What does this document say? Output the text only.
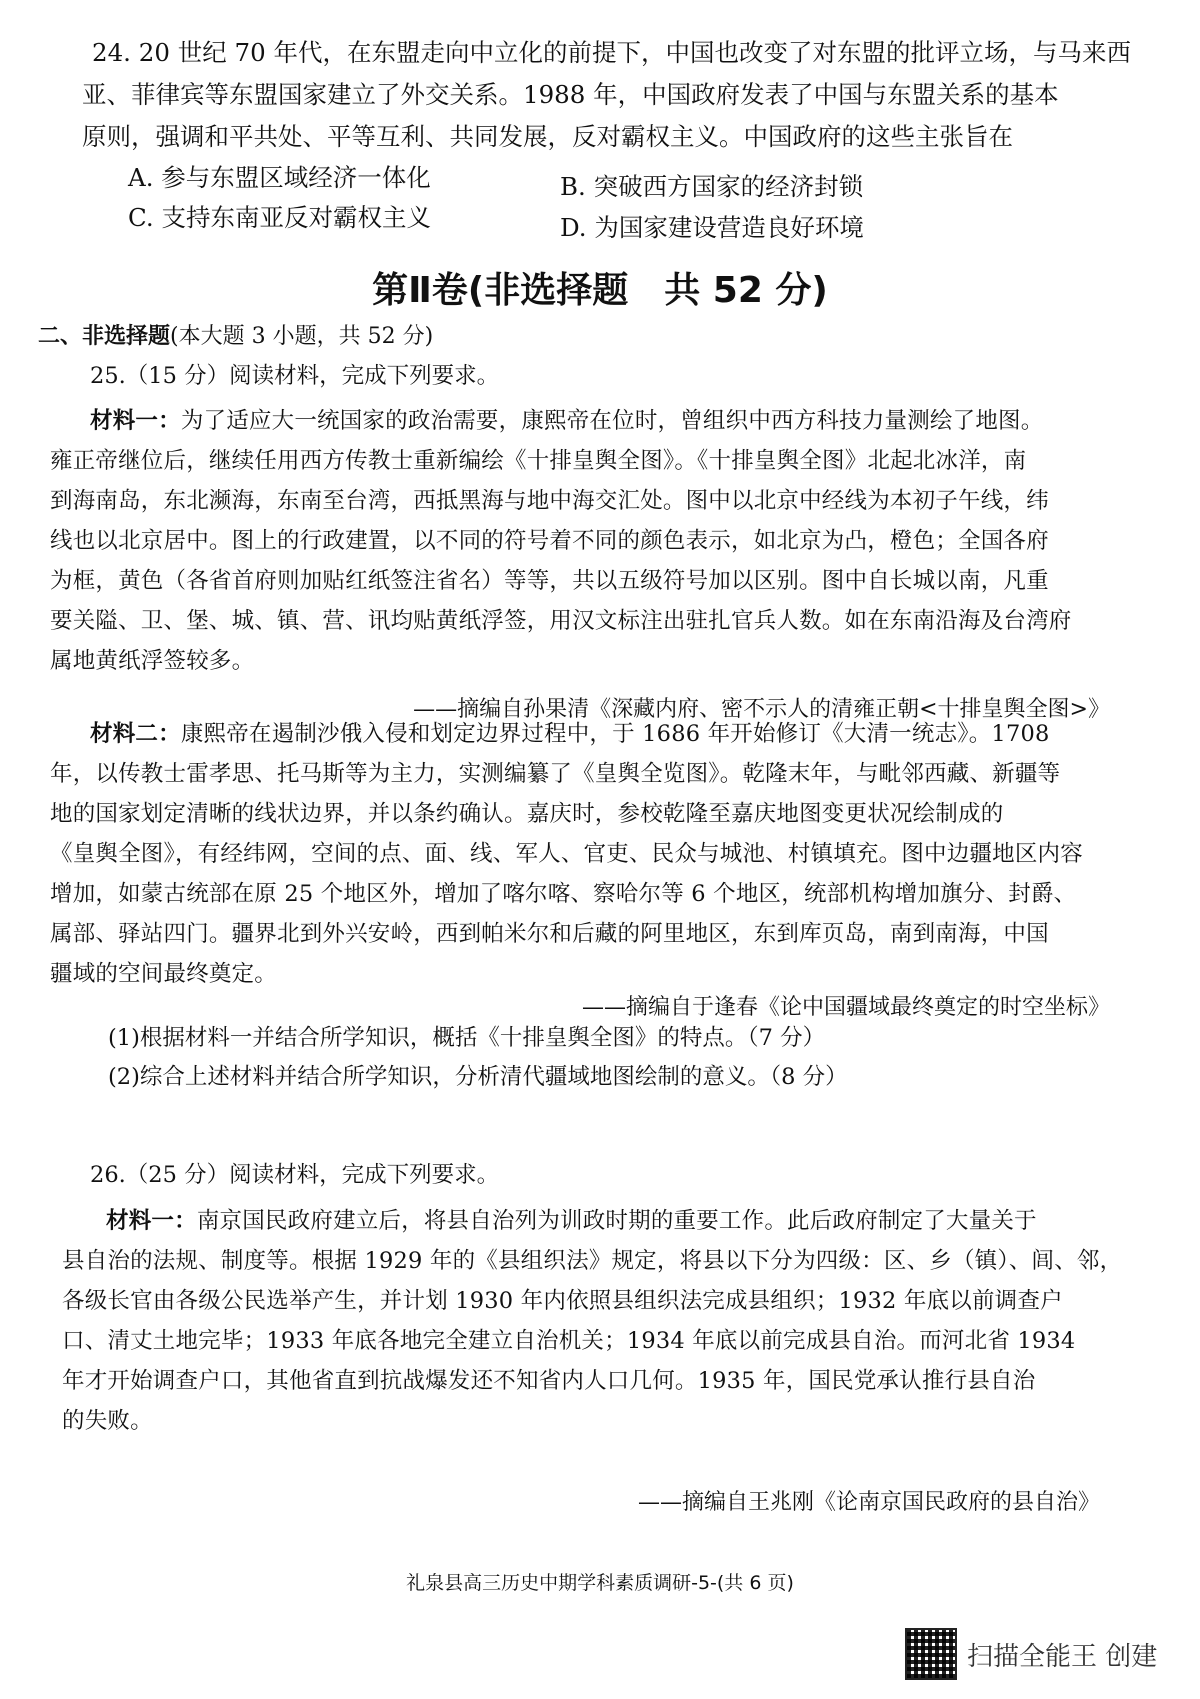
24. 20 世纪 70 年代，在东盟走向中立化的前提下，中国也改变了对东盟的批评立场，与马来西
亚、菲律宾等东盟国家建立了外交关系。1988 年，中国政府发表了中国与东盟关系的基本
原则，强调和平共处、平等互利、共同发展，反对霸权主义。中国政府的这些主张旨在
A. 参与东盟区域经济一体化	B. 突破西方国家的经济封锁
C. 支持东南亚反对霸权主义	D. 为国家建设营造良好环境
第Ⅱ卷(非选择题　共 52 分)
二、非选择题(本大题 3 小题，共 52 分)
25.（15 分）阅读材料，完成下列要求。
材料一：为了适应大一统国家的政治需要，康熙帝在位时，曾组织中西方科技力量测绘了地图。
雍正帝继位后，继续任用西方传教士重新编绘《十排皇舆全图》。《十排皇舆全图》北起北冰洋，南
到海南岛，东北濒海，东南至台湾，西抵黑海与地中海交汇处。图中以北京中经线为本初子午线，纬
线也以北京居中。图上的行政建置，以不同的符号着不同的颜色表示，如北京为凸，橙色；全国各府
为框，黄色（各省首府则加贴红纸签注省名）等等，共以五级符号加以区别。图中自长城以南，凡重
要关隘、卫、堡、城、镇、营、讯均贴黄纸浮签，用汉文标注出驻扎官兵人数。如在东南沿海及台湾府
属地黄纸浮签较多。
——摘编自孙果清《深藏内府、密不示人的清雍正朝<十排皇舆全图>》
材料二：康熙帝在遏制沙俄入侵和划定边界过程中，于 1686 年开始修订《大清一统志》。1708
年，以传教士雷孝思、托马斯等为主力，实测编纂了《皇舆全览图》。乾隆末年，与毗邻西藏、新疆等
地的国家划定清晰的线状边界，并以条约确认。嘉庆时，参校乾隆至嘉庆地图变更状况绘制成的
《皇舆全图》，有经纬网，空间的点、面、线、军人、官吏、民众与城池、村镇填充。图中边疆地区内容
增加，如蒙古统部在原 25 个地区外，增加了喀尔喀、察哈尔等 6 个地区，统部机构增加旗分、封爵、
属部、驿站四门。疆界北到外兴安岭，西到帕米尔和后藏的阿里地区，东到库页岛，南到南海，中国
疆域的空间最终奠定。
——摘编自于逢春《论中国疆域最终奠定的时空坐标》
(1)根据材料一并结合所学知识，概括《十排皇舆全图》的特点。（7 分）
(2)综合上述材料并结合所学知识，分析清代疆域地图绘制的意义。（8 分）
26.（25 分）阅读材料，完成下列要求。
材料一：南京国民政府建立后，将县自治列为训政时期的重要工作。此后政府制定了大量关于
县自治的法规、制度等。根据 1929 年的《县组织法》规定，将县以下分为四级：区、乡（镇）、闾、邻，
各级长官由各级公民选举产生，并计划 1930 年内依照县组织法完成县组织；1932 年底以前调查户
口、清丈土地完毕；1933 年底各地完全建立自治机关；1934 年底以前完成县自治。而河北省 1934
年才开始调查户口，其他省直到抗战爆发还不知省内人口几何。1935 年，国民党承认推行县自治
的失败。
——摘编自王兆刚《论南京国民政府的县自治》
礼泉县高三历史中期学科素质调研-5-(共 6 页)
扫描全能王 创建
